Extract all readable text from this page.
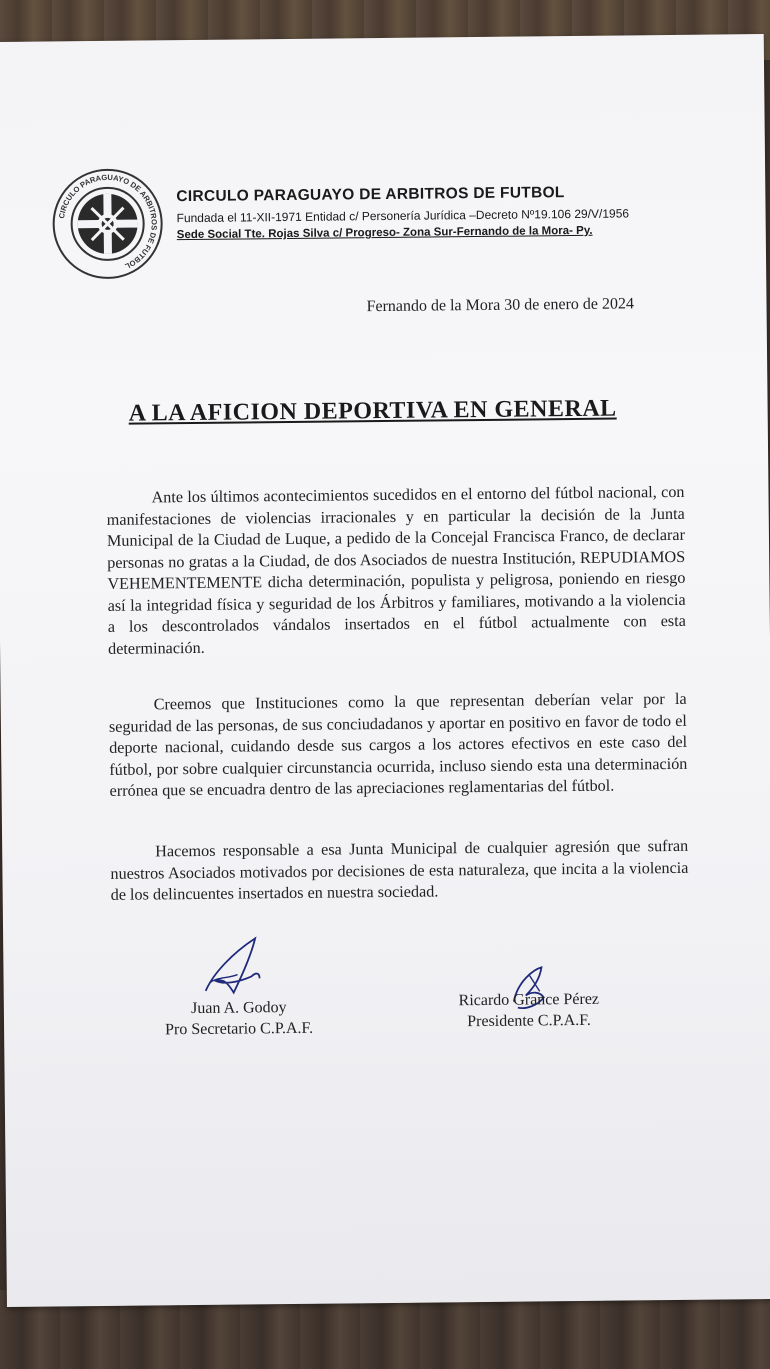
CIRCULO PARAGUAYO DE ARBITROS DE FUTBOL
CIRCULO PARAGUAYO DE ARBITROS DE FUTBOL
Fundada el 11-XII-1971 Entidad c/ Personería Jurídica –Decreto Nº19.106 29/V/1956
Sede Social Tte. Rojas Silva c/ Progreso- Zona Sur-Fernando de la Mora- Py.
Fernando de la Mora 30 de enero de 2024
A LA AFICION DEPORTIVA EN GENERAL

Ante los últimos acontecimientos sucedidos en el entorno del fútbol nacional, con manifestaciones de violencias irracionales y en particular la decisión de la Junta Municipal de la Ciudad de Luque, a pedido de la Concejal Francisca Franco, de declarar personas no gratas a la Ciudad, de dos Asociados de nuestra Institución, REPUDIAMOS VEHEMENTEMENTE dicha determinación, populista y peligrosa, poniendo en riesgo así la integridad física y seguridad de los Árbitros y familiares, motivando a la violencia a los descontrolados vándalos insertados en el fútbol actualmente con esta determinación.

Creemos que Instituciones como la que representan deberían velar por la seguridad de las personas, de sus conciudadanos y aportar en positivo en favor de todo el deporte nacional, cuidando desde sus cargos a los actores efectivos en este caso del fútbol, por sobre cualquier circunstancia ocurrida, incluso siendo esta una determinación errónea que se encuadra dentro de las apreciaciones reglamentarias del fútbol.

Hacemos responsable a esa Junta Municipal de cualquier agresión que sufran nuestros Asociados motivados por decisiones de esta naturaleza, que incita a la violencia de los delincuentes insertados en nuestra sociedad.

Juan A. Godoy
Pro Secretario C.P.A.F.
Ricardo Grance Pérez
Presidente C.P.A.F.
